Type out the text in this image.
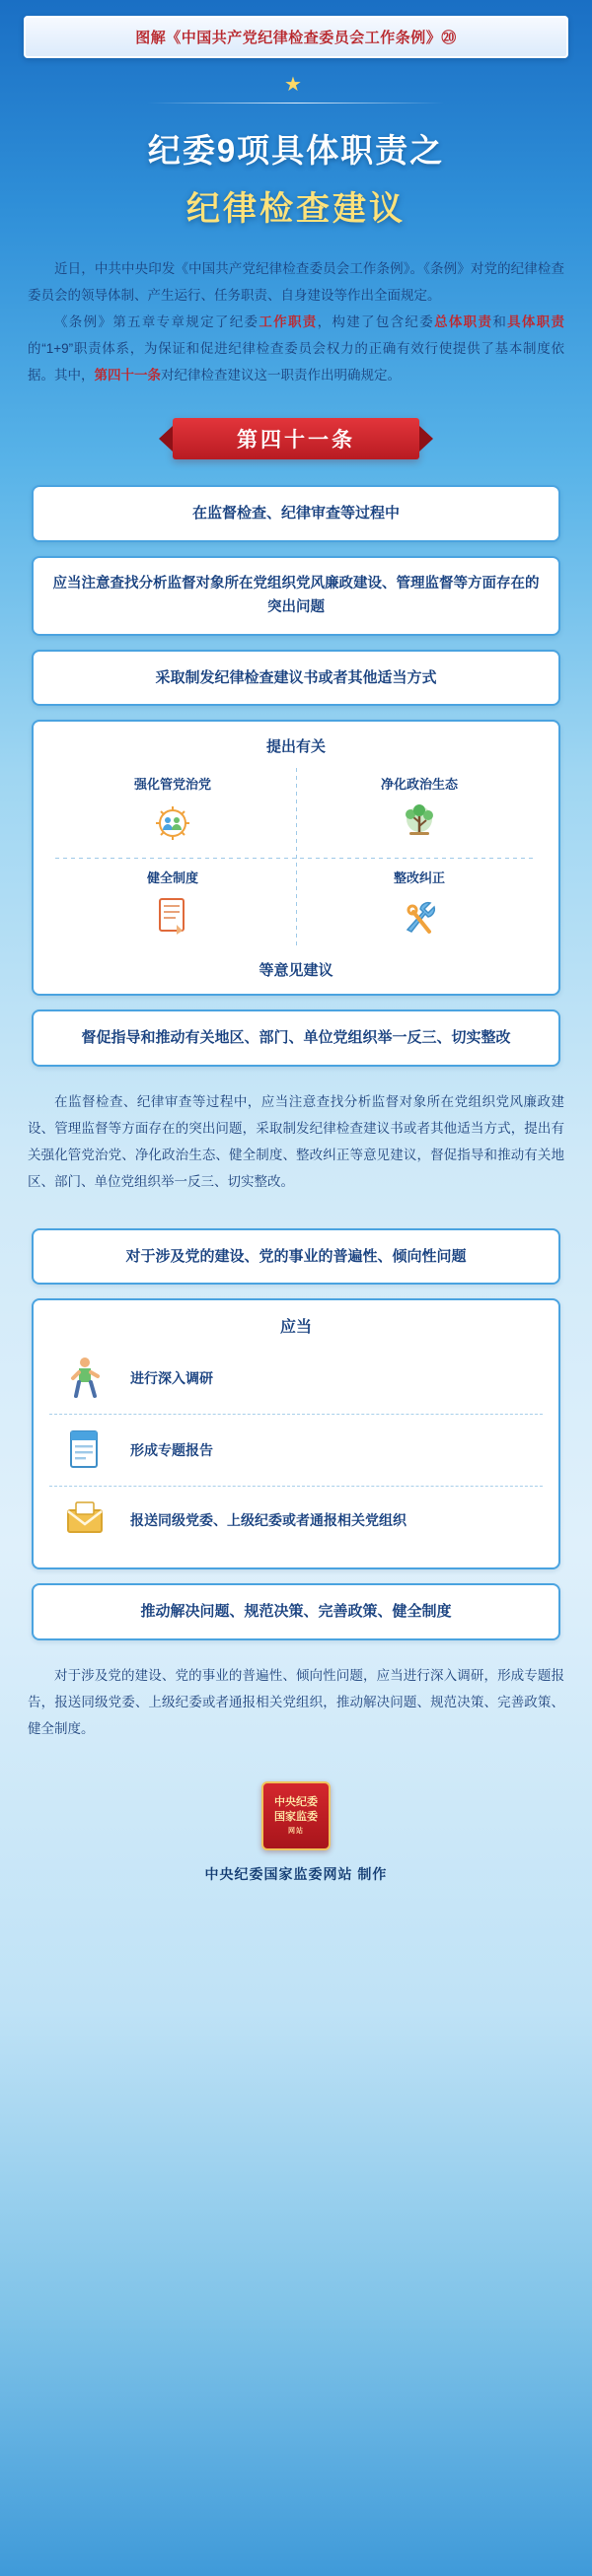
图解《中国共产党纪律检查委员会工作条例》⑳
★
纪委9项具体职责之
纪律检查建议

近日，中共中央印发《中国共产党纪律检查委员会工作条例》。《条例》对党的纪律检查委员会的领导体制、产生运行、任务职责、自身建设等作出全面规定。

《条例》第五章专章规定了纪委工作职责，构建了包含纪委总体职责和具体职责的“1+9”职责体系，为保证和促进纪律检查委员会权力的正确有效行使提供了基本制度依据。其中，第四十一条对纪律检查建议这一职责作出明确规定。

第四十一条
在监督检查、纪律审查等过程中
应当注意查找分析监督对象所在党组织党风廉政建设、管理监督等方面存在的突出问题
采取制发纪律检查建议书或者其他适当方式
提出有关
强化管党治党	净化政治生态
健全制度	整改纠正
等意见建议
督促指导和推动有关地区、部门、单位党组织举一反三、切实整改

在监督检查、纪律审查等过程中，应当注意查找分析监督对象所在党组织党风廉政建设、管理监督等方面存在的突出问题，采取制发纪律检查建议书或者其他适当方式，提出有关强化管党治党、净化政治生态、健全制度、整改纠正等意见建议，督促指导和推动有关地区、部门、单位党组织举一反三、切实整改。

对于涉及党的建设、党的事业的普遍性、倾向性问题
应当
进行深入调研
形成专题报告
报送同级党委、上级纪委或者通报相关党组织
推动解决问题、规范决策、完善政策、健全制度

对于涉及党的建设、党的事业的普遍性、倾向性问题，应当进行深入调研，形成专题报告，报送同级党委、上级纪委或者通报相关党组织，推动解决问题、规范决策、完善政策、健全制度。

中央纪委
国家监委
网站
中央纪委国家监委网站 制作
